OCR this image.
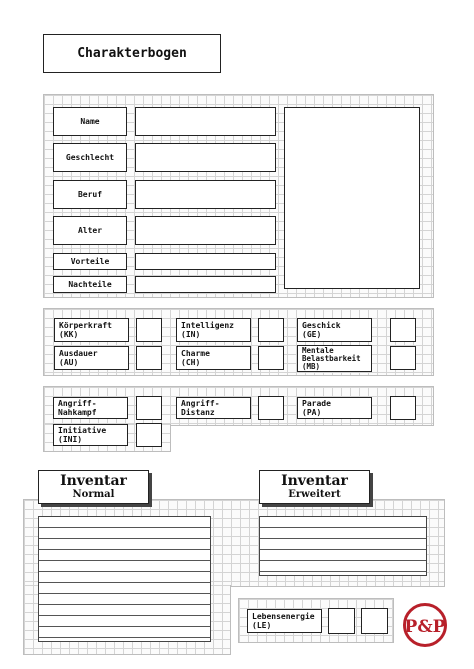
Charakterbogen
Name
Geschlecht
Beruf
Alter
Vorteile
Nachteile
Körperkraft
(KK)
Ausdauer
(AU)
Intelligenz
(IN)
Charme
(CH)
Geschick
(GE)
Mentale
Belastbarkeit
(MB)
Angriff-Nahkampf
Initiative
(INI)
Angriff-Distanz
Parade
(PA)
Inventar
Normal
Inventar
Erweitert
Lebensenergie
(LE)	P&P
